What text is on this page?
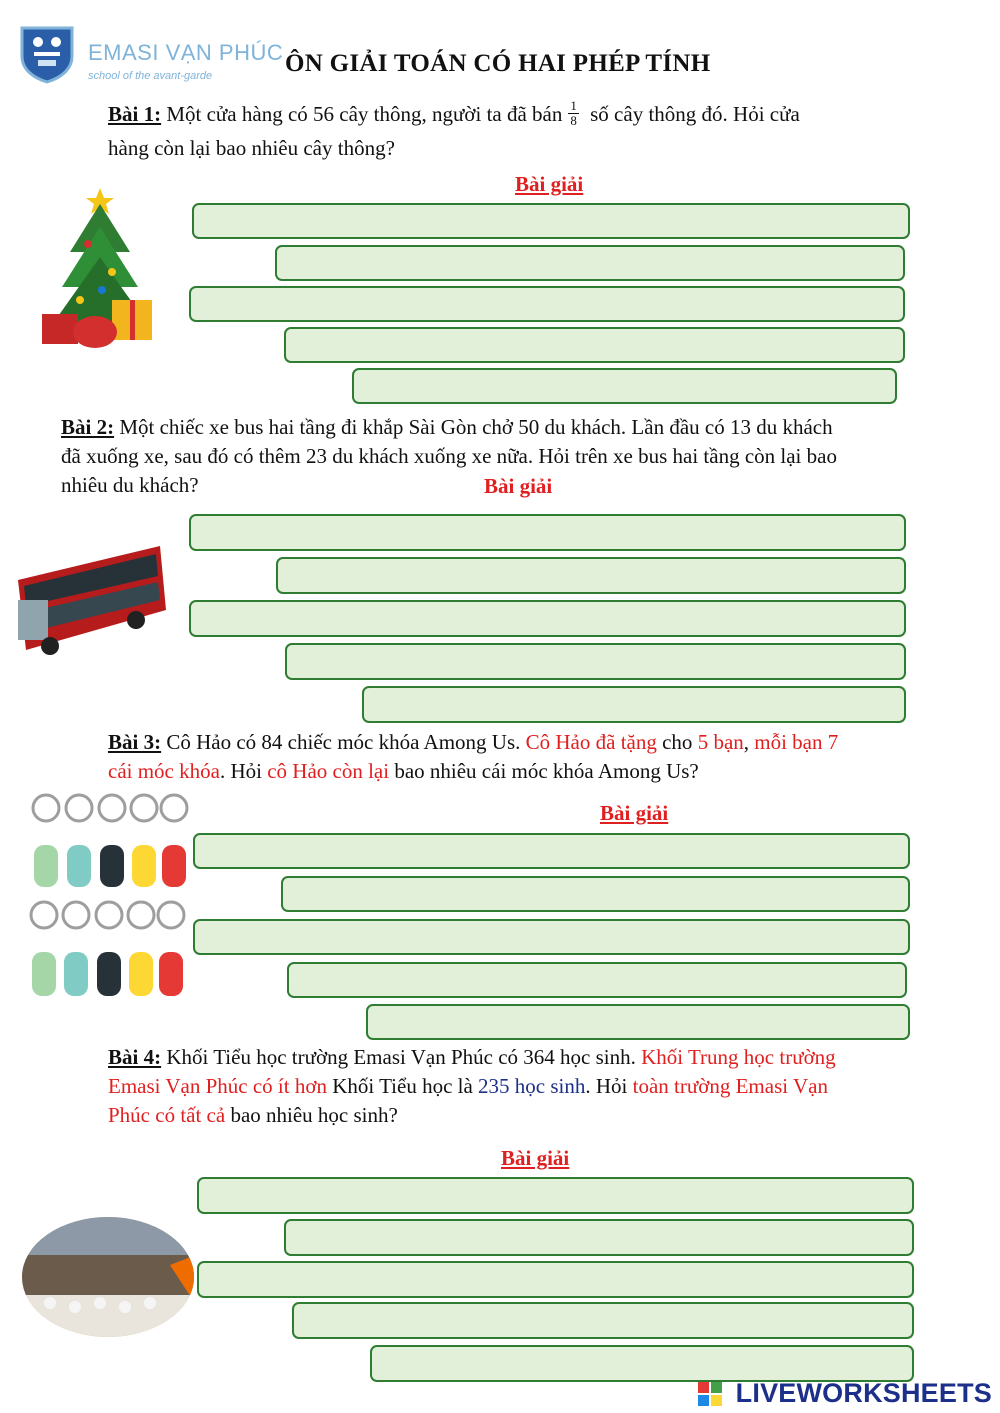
EMASI VẠN PHÚC
school of the avant-garde	ÔN GIẢI TOÁN CÓ HAI PHÉP TÍNH
Bài 1: Một cửa hàng có 56 cây thông, người ta đã bán $\frac{1}{8}$ số cây thông đó. Hỏi cửa
hàng còn lại bao nhiêu cây thông?
Bài giải
Bài 2: Một chiếc xe bus hai tầng đi khắp Sài Gòn chở 50 du khách. Lần đầu có 13 du khách
đã xuống xe, sau đó có thêm 23 du khách xuống xe nữa. Hỏi trên xe bus hai tầng còn lại bao
nhiêu du khách?	Bài giải
Bài 3: Cô Hảo có 84 chiếc móc khóa Among Us. Cô Hảo đã tặng cho 5 bạn, mỗi bạn 7
cái móc khóa. Hỏi cô Hảo còn lại bao nhiêu cái móc khóa Among Us?
Bài giải
Bài 4: Khối Tiểu học trường Emasi Vạn Phúc có 364 học sinh. Khối Trung học trường
Emasi Vạn Phúc có ít hơn Khối Tiểu học là 235 học sinh. Hỏi toàn trường Emasi Vạn
Phúc có tất cả bao nhiêu học sinh?
Bài giải
LIVEWORKSHEETS
